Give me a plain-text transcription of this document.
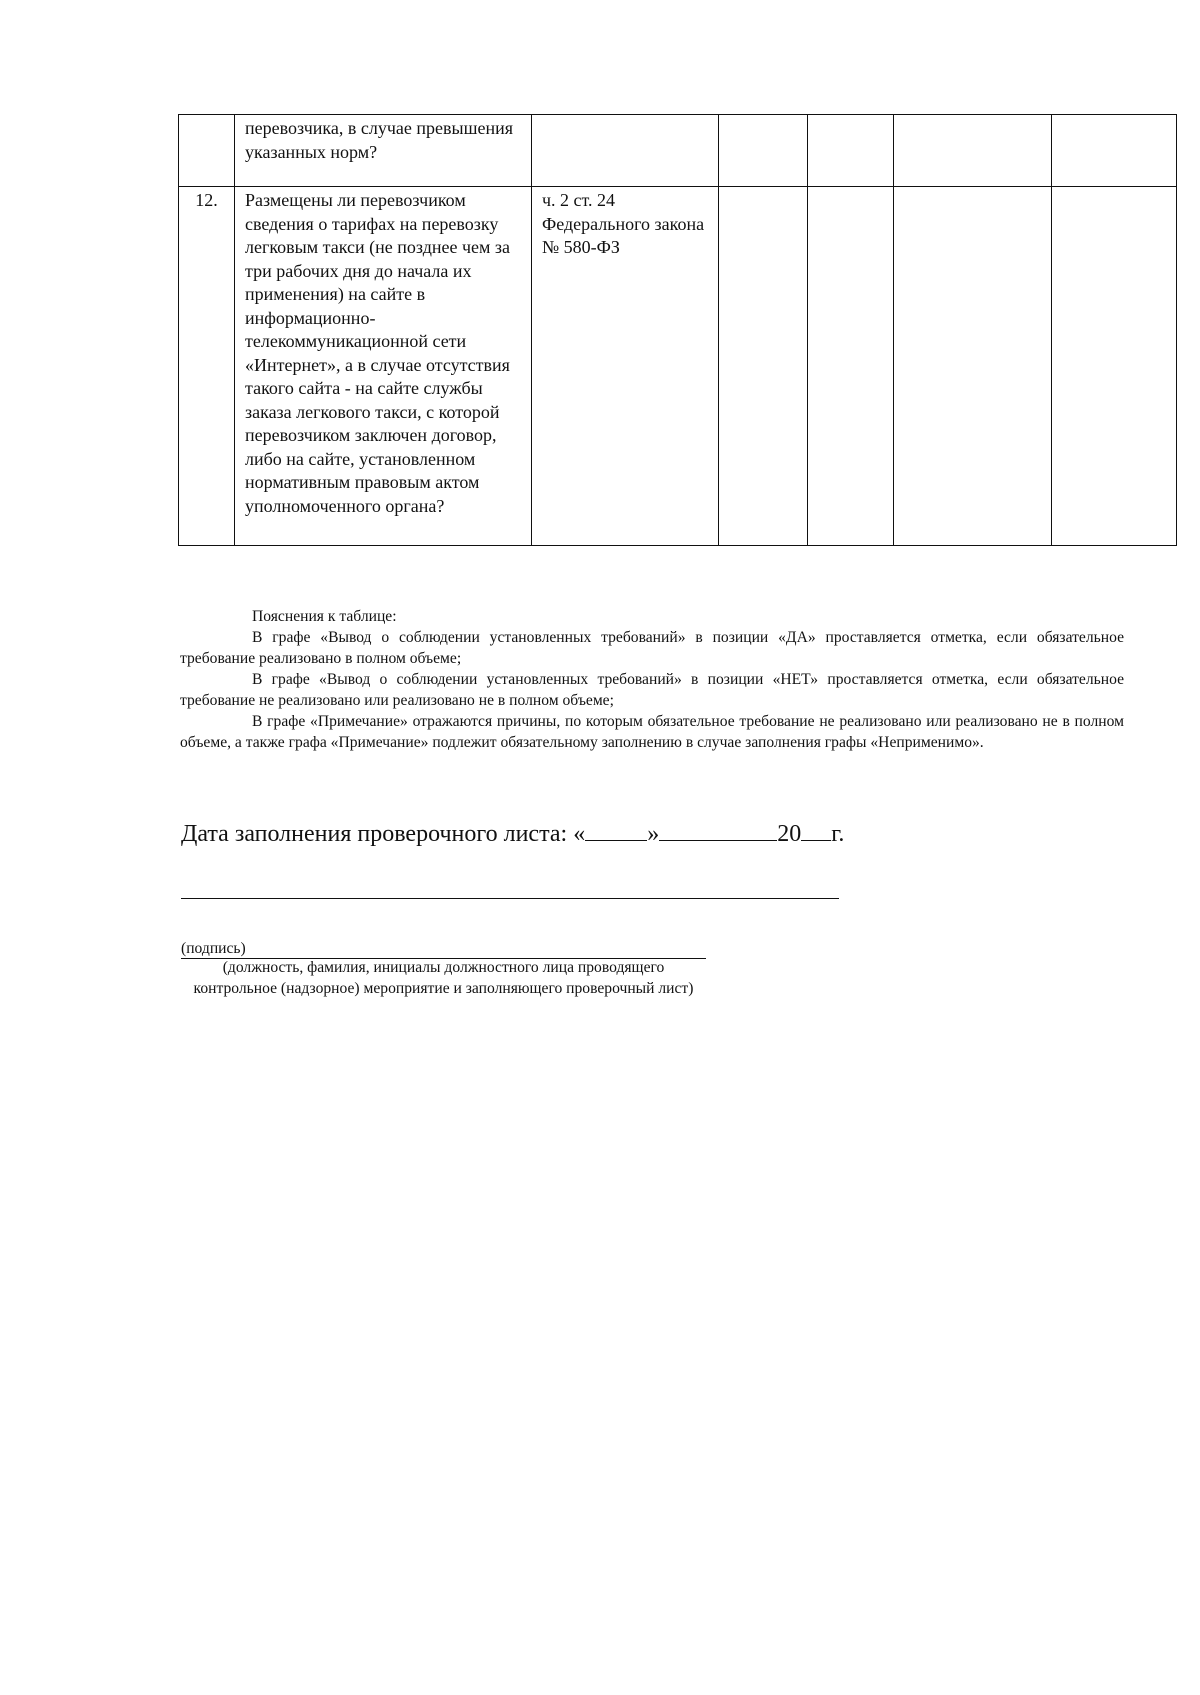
	перевозчика, в случае превышения указанных норм?					
12.	Размещены ли перевозчиком сведения о тарифах на перевозку легковым такси (не позднее чем за три рабочих дня до начала их применения) на сайте в информационно-телекоммуникационной сети «Интернет», а в случае отсутствия такого сайта - на сайте службы заказа легкового такси, с которой перевозчиком заключен договор, либо на сайте, установленном нормативным правовым актом уполномоченного органа?	ч. 2 ст. 24 Федерального закона № 580-ФЗ				

Пояснения к таблице:

В графе «Вывод о соблюдении установленных требований» в позиции «ДА» проставляется отметка, если обязательное требование реализовано в полном объеме;

В графе «Вывод о соблюдении установленных требований» в позиции «НЕТ» проставляется отметка, если обязательное требование не реализовано или реализовано не в полном объеме;

В графе «Примечание» отражаются причины, по которым обязательное требование не реализовано или реализовано не в полном объеме, а также графа «Примечание» подлежит обязательному заполнению в случае заполнения графы «Неприменимо».

Дата заполнения проверочного листа: «	»	20 г.
(подпись)
(должность, фамилия, инициалы должностного лица проводящего контрольное (надзорное) мероприятие и заполняющего проверочный лист)
